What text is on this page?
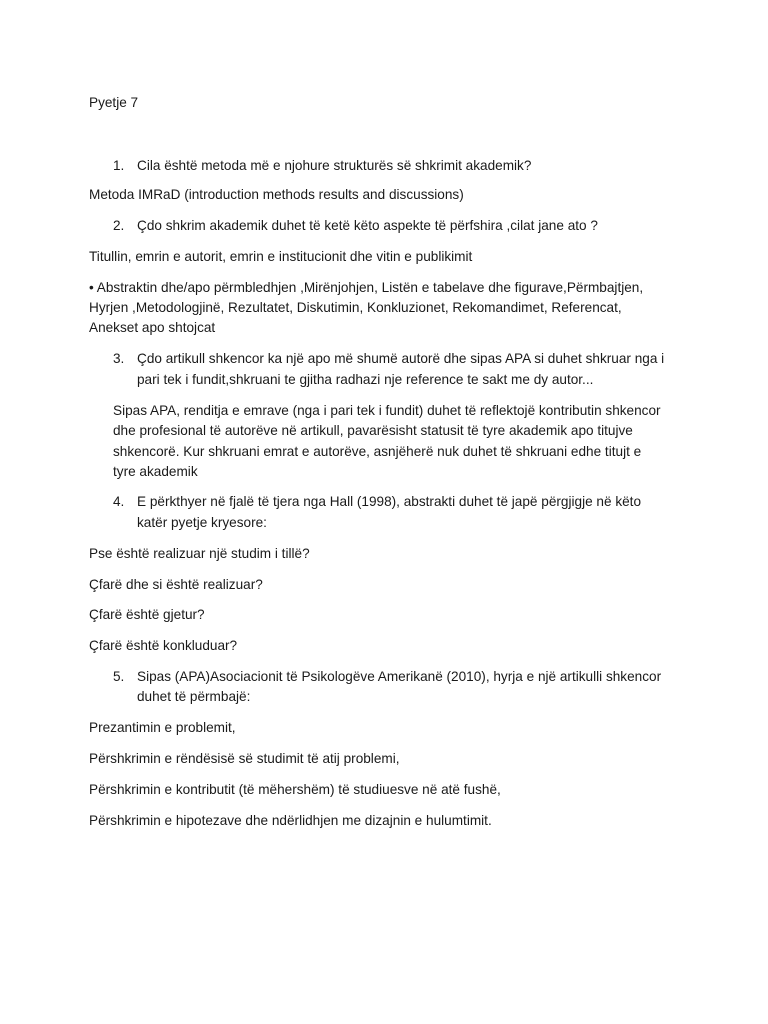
Pyetje 7
1. Cila është metoda më e njohure strukturës së shkrimit akademik?
Metoda IMRaD (introduction methods results and discussions)
2. Çdo shkrim akademik duhet të ketë këto aspekte të përfshira ,cilat jane ato ?
Titullin, emrin e autorit, emrin e institucionit dhe vitin e publikimit
• Abstraktin dhe/apo përmbledhjen ,Mirënjohjen, Listën e tabelave dhe figurave,Përmbajtjen,
Hyrjen ,Metodologjinë, Rezultatet, Diskutimin, Konkluzionet, Rekomandimet, Referencat,
Anekset apo shtojcat
3. Çdo artikull shkencor ka një apo më shumë autorë dhe sipas APA si duhet shkruar nga i
pari tek i fundit,shkruani te gjitha radhazi nje reference te sakt me dy autor...
Sipas APA, renditja e emrave (nga i pari tek i fundit) duhet të reflektojë kontributin shkencor
dhe profesional të autorëve në artikull, pavarësisht statusit të tyre akademik apo titujve
shkencorë. Kur shkruani emrat e autorëve, asnjëherë nuk duhet të shkruani edhe titujt e
tyre akademik
4. E përkthyer në fjalë të tjera nga Hall (1998), abstrakti duhet të japë përgjigje në këto
katër pyetje kryesore:
Pse është realizuar një studim i tillë?
Çfarë dhe si është realizuar?
Çfarë është gjetur?
Çfarë është konkluduar?
5. Sipas (APA)Asociacionit të Psikologëve Amerikanë (2010), hyrja e një artikulli shkencor
duhet të përmbajë:
Prezantimin e problemit,
Përshkrimin e rëndësisë së studimit të atij problemi,
Përshkrimin e kontributit (të mëhershëm) të studiuesve në atë fushë,
Përshkrimin e hipotezave dhe ndërlidhjen me dizajnin e hulumtimit.
